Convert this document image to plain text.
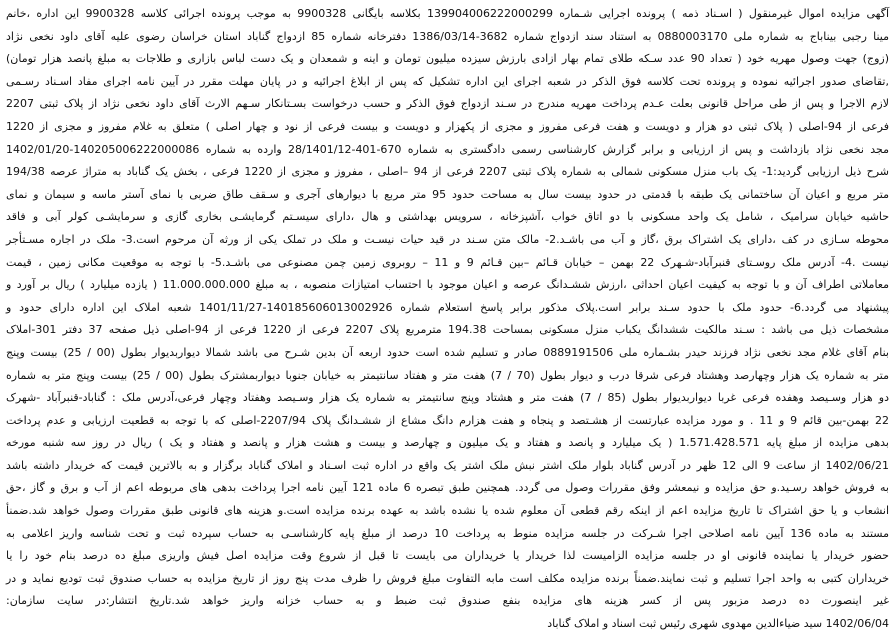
آگهی مزایده اموال غیرمنقول ( اسـناد ذمه ) پرونده اجرایی شـماره 139904006222000299 بکلاسه بایگانی 9900328 به موجب پرونده اجرائی کلاسه 9900328 این اداره ،خانم
مینا رجبی بیناباج به شماره ملی 0880003170 به استناد سند ازدواج شماره 3682-1386/03/14 دفترخانه شماره 85 ازدواج گناباد استان خراسان رضوی علیه آقای داود نخعی نژاد
(زوج) جهت وصول مهریه خود ( تعداد 90 عدد سـکه طلای تمام بهار ازادی بارزش سیزده میلیون تومان و اینه و شمعدان و یک دست لباس بازاری و طلاجات به مبلغ پانصد هزار تومان)
,تقاضای صدور اجرائیه نموده و پرونده تحت کلاسه فوق الذکر در شعبه اجرای این اداره تشکیل که پس از ابلاغ اجرائیه و در پایان مهلت مقرر در آیین نامه اجرای مفاد اسـناد رسـمی
لازم الاجرا و پس از طی مراحل قانونی بعلت عـدم پرداخت مهریه مندرج در سـند ازدواج فوق الذکر و حسب درخواست بسـتانکار سـهم الارث آقای داود نخعی نژاد از پلاک ثبتی 2207
فرعی از 94-اصلی ( پلاک ثبتی دو هزار و دویست و هفت فرعی مفروز و مجزی از پکهزار و دویست و بیست فرعی از نود و چهار اصلی ) متعلق به غلام مفروز و مجزی از 1220
مجد نخعی نژاد بازداشت و پس از ارزیابی و برابر گزارش کارشناسی رسمی دادگستری به شماره 670-401-28/1401/12 وارده به شماره 140205006222000086-1402/01/20
شرح ذیل ارزیابی گردید:1- یک باب منزل مسکونی شمالی به شماره پلاک ثبتی 2207 فرعی از 94 –اصلی ، مفروز و مجزی از 1220 فرعی ، بخش یک گناباد به متراژ عرصه 194/38
متر مربع و اعیان آن ساختمانی یک طبقه با قدمتی در حدود بیست سال به مساحت حدود 95 متر مربع با دیوارهای آجری و سـقف طاق ضربی با نمای آستر ماسه و سیمان و نمای
حاشیه خیابان سرامیک ، شامل یک واحد مسکونی با دو اتاق خواب ،آشپزخانه ، سرویس بهداشتی و هال ،دارای سیسـتم گرمایشـی بخاری گازی و سرمایشـی کولر آبی و فاقد
محوطه سـازی در کف ،دارای یک اشتراک برق ،گاز و آب می باشـد.2- مالک متن سـند در قید حیات نیسـت و ملک در تملک یکی از ورثه آن مرحوم است.3- ملک در اجاره مسـتأجر
نیست .4- آدرس ملک روسـتای قنبرآباد-شـهرک 22 بهمن – خیابان قـائم –بین قـائم 9 و 11 – روبروی زمین چمن مصنوعی می باشـد.5- با توجه به موقعیت مکانی زمین ، قیمت
معاملاتی اطراف آن و با توجه به کیفیت اعیان احداثی ،ارزش ششـدانگ عرصه و اعیان موجود با احتساب امتیازات منصوبه ، به مبلغ 11.000.000.000 ( یازده میلیارد ) ریال بر آورد و
پیشنهاد می گردد.6- حدود ملک با حدود سـند برابر است.پلاک مذکور برابر پاسخ استعلام شماره 140185606013002926-1401/11/27 شعبه املاک این اداره دارای حدود و
مشخصات ذیل می باشد : سـند مالکیت ششدانگ یکباب منزل مسکونی بمساحت 194.38 مترمربع پلاک 2207 فرعی از 1220 فرعی از 94-اصلی ذیل صفحه 37 دفتر 301-املاک
بنام آقای غلام مجد نخعی نژاد فرزند حیدر بشـماره ملی 0889191506 صادر و تسلیم شده است حدود اربعه آن بدین شـرح می باشد شمالا دیواربدیوار بطول (00 / 25) بیست وپنج
متر به شماره یک هزار وچهارصد وهشتاد فرعی شرقا درب و دیوار بطول (70 / 7) هفت متر و هفتاد سانتیمتر به خیابان جنوبا دیواربمشترک بطول (00 / 25) بیست وپنج متر به شماره
دو هزار وسـیصد وهفده فرعی غربا دیواربدیوار بطول (85 / 7) هفت متر و هشتاد وپنج سانتیمتر به شماره یک هزار وسـیصد وهفتاد وچهار فرعی،آدرس ملک : گناباد-قنبرآباد -شهرک
22 بهمن-بین قائم 9 و 11 . و مورد مزایده عبارتست از هشـتصد و پنجاه و هفت هزارم دانگ مشاع از ششـدانگ پلاک 2207/94-اصلی که با توجه به قطعیت ارزیابی و عدم پرداخت
بدهی مزایده از مبلغ پایه 1.571.428.571 ( یک میلیارد و پانصد و هفتاد و یک میلیون و چهارصد و بیست و هشت هزار و پانصد و هفتاد و یک ) ریال در روز سه شنبه مورخه
1402/06/21 از ساعت 9 الی 12 ظهر در آدرس گناباد بلوار ملک اشتر نبش ملک اشتر یک واقع در اداره ثبت اسـناد و املاک گناباد برگزار و به بالاترین قیمت که خریدار داشته باشد
به فروش خواهد رسـید.و حق مزایده و نیمعشر وفق مقررات وصول می گردد. همچنین طبق تبصره 6 ماده 121 آیین نامه اجرا پرداخت بدهی های مربوطه اعم از آب و برق و گاز ،حق
انشعاب و یا حق اشتراک تا تاریخ مزایده اعم از اینکه رقم قطعی آن معلوم شده یا نشده باشد به عهده برنده مزایده است.و هزینه های قانونی طبق مقررات وصول خواهد شد.ضمنأ
مستند به ماده 136 آیین نامه اصلاحی اجرا شـرکت در جلسه مزایده منوط به پرداخت 10 درصد از مبلغ پایه کارشناسـی به حساب سپرده ثبت و تحت شناسه واریز اعلامی به
حضور خریدار یا نماینده قانونی او در جلسه مزایده الزامیست لذا خریدار یا خریداران می بایست تا قبل از شروع وقت مزایده اصل فیش واریزی مبلغ ده درصد بنام خود را یا
خریداران کتبی به واحد اجرا تسلیم و ثبت نمایند.ضمناً برنده مزایده مکلف است مابه التفاوت مبلغ فروش را ظرف مدت پنج روز از تاریخ مزایده به حساب صندوق ثبت تودیع نماید و در
غیر اینصورت ده درصد مزبور پس از کسر هزینه های مزایده بنفع صندوق ثبت ضبط و به حساب خزانه واریز خواهد شد.تاریخ انتشار:در سایت سازمان:
1402/06/04 سید ضیاءالدین مهدوی شهری رئیس ثبت اسناد و املاک گناباد
